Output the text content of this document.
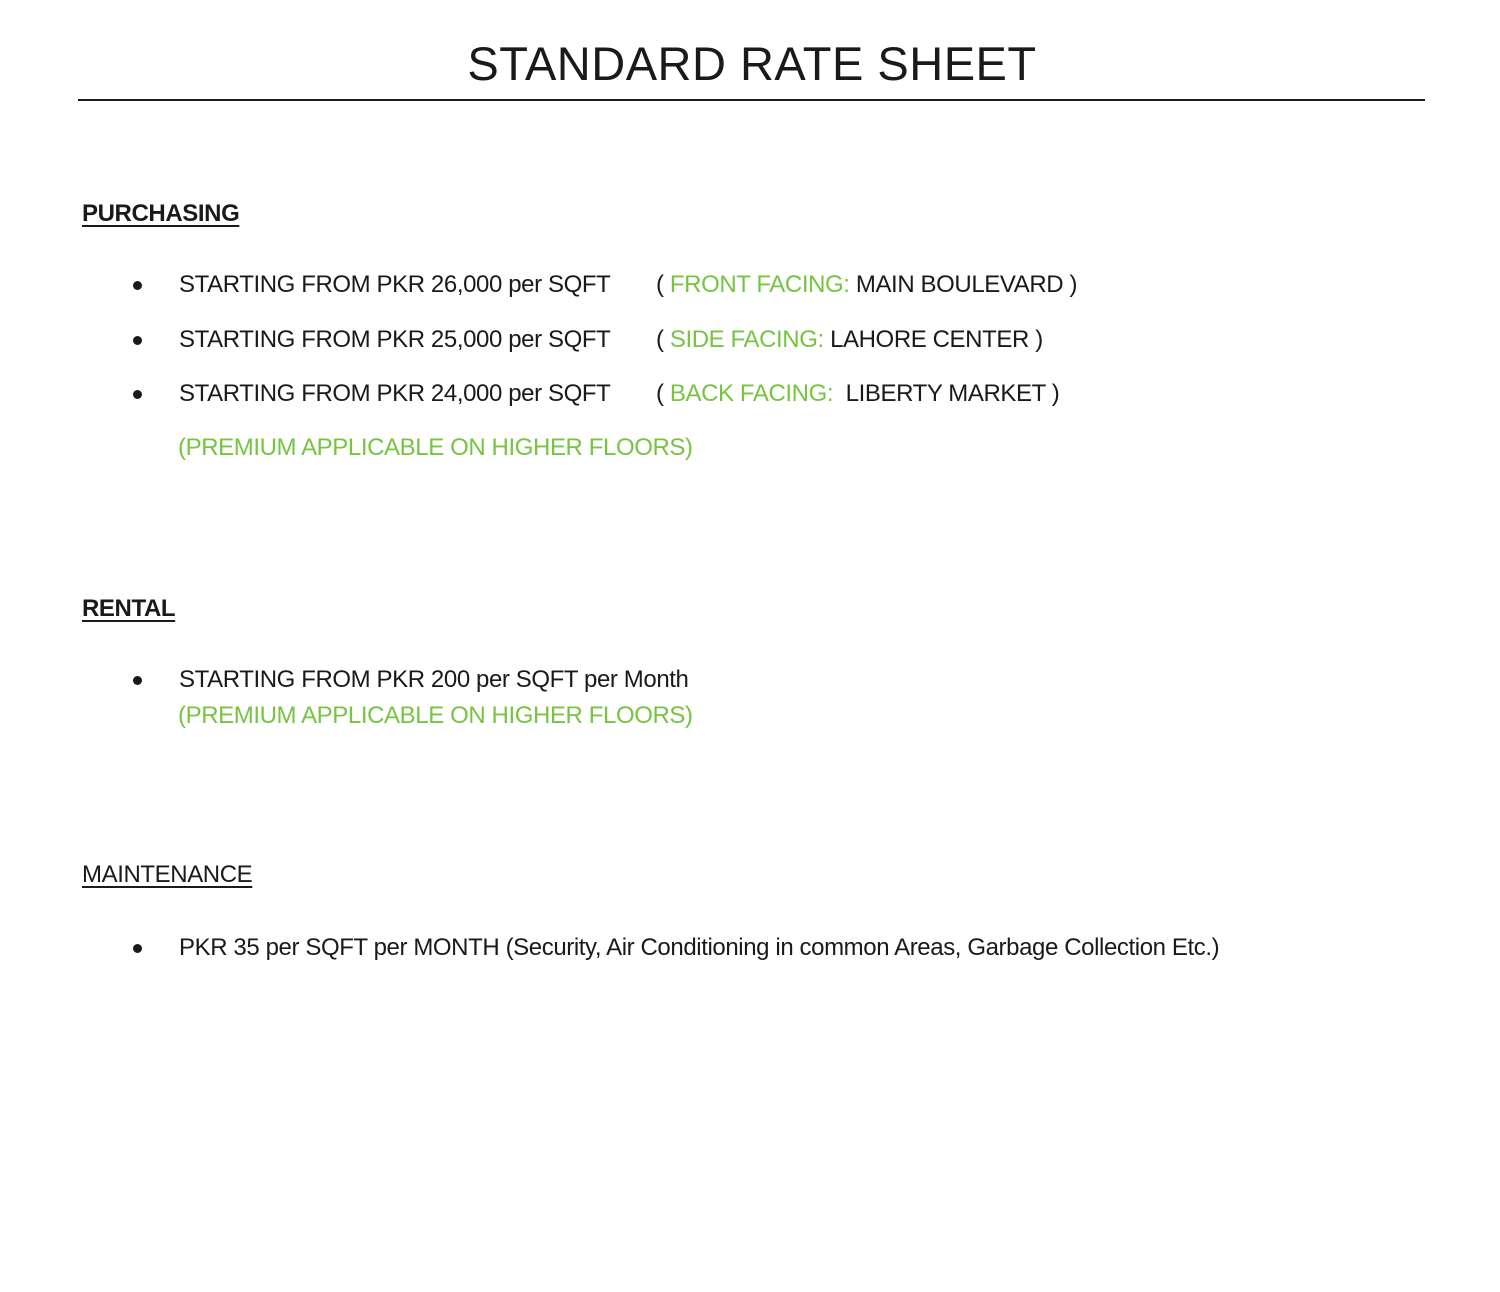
STANDARD RATE SHEET
PURCHASING
STARTING FROM PKR 26,000 per SQFT ( FRONT FACING: MAIN BOULEVARD )
STARTING FROM PKR 25,000 per SQFT ( SIDE FACING: LAHORE CENTER )
STARTING FROM PKR 24,000 per SQFT ( BACK FACING: LIBERTY MARKET )
(PREMIUM APPLICABLE ON HIGHER FLOORS)
RENTAL
STARTING FROM PKR 200 per SQFT per Month
(PREMIUM APPLICABLE ON HIGHER FLOORS)
MAINTENANCE
PKR 35 per SQFT per MONTH (Security, Air Conditioning in common Areas, Garbage Collection Etc.)
